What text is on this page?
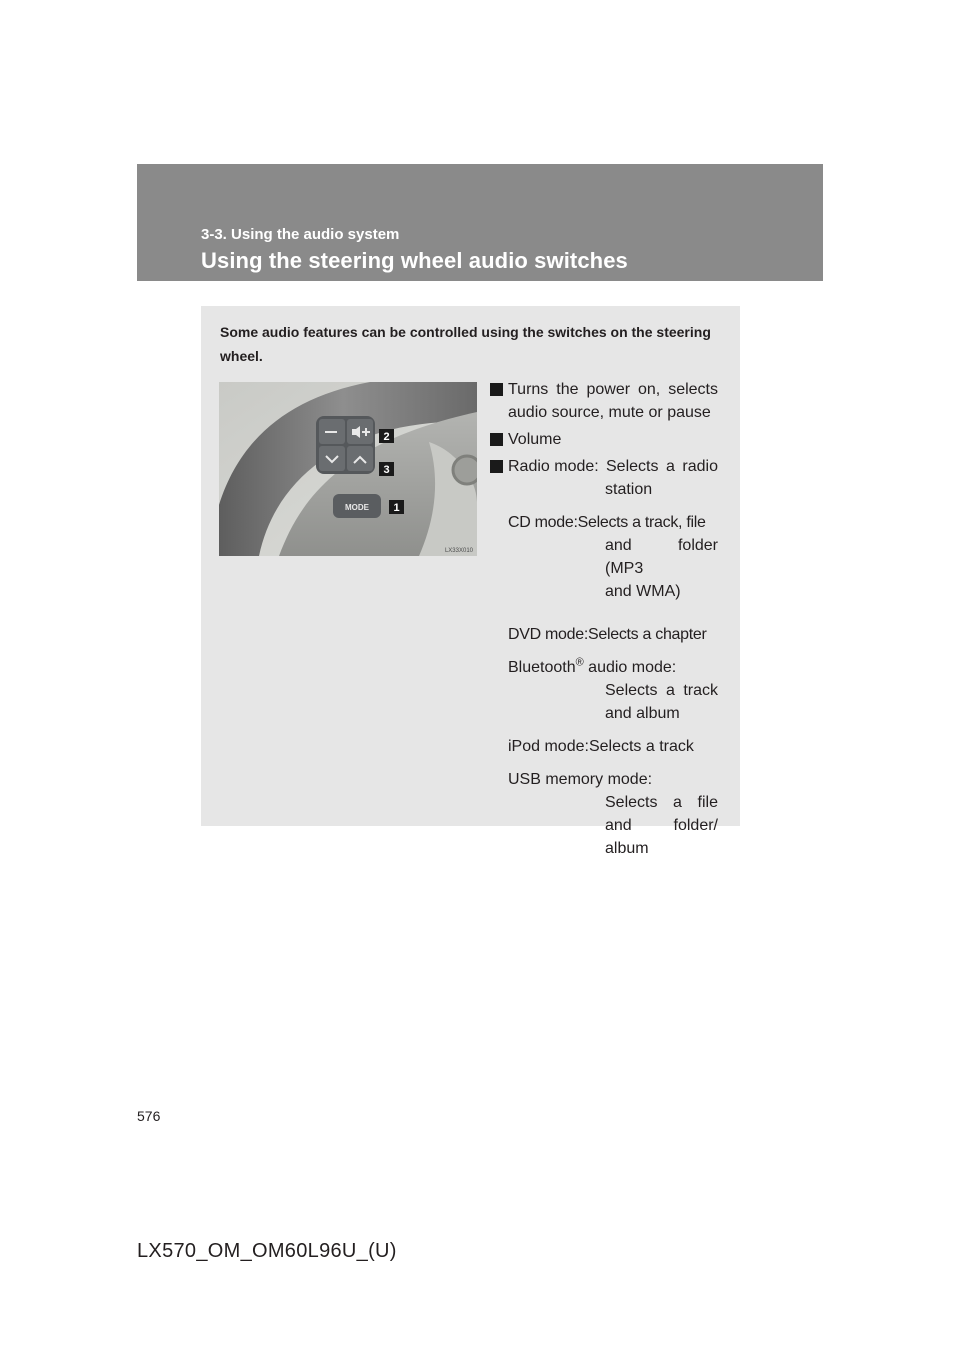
3-3. Using the audio system
Using the steering wheel audio switches
Some audio features can be controlled using the switches on the steering wheel.
MODE
2
3
1
LX33X010
Turns the power on, selects
audio source, mute or pause
Volume
Radio mode: Selects a radio
station
CD mode:Selects a track, file
and folder (MP3
and WMA)
DVD mode:Selects a chapter
Bluetooth® audio mode:
Selects a track
and album
iPod mode:Selects a track
USB memory mode:
Selects a file
and folder/
album
576
LX570_OM_OM60L96U_(U)
